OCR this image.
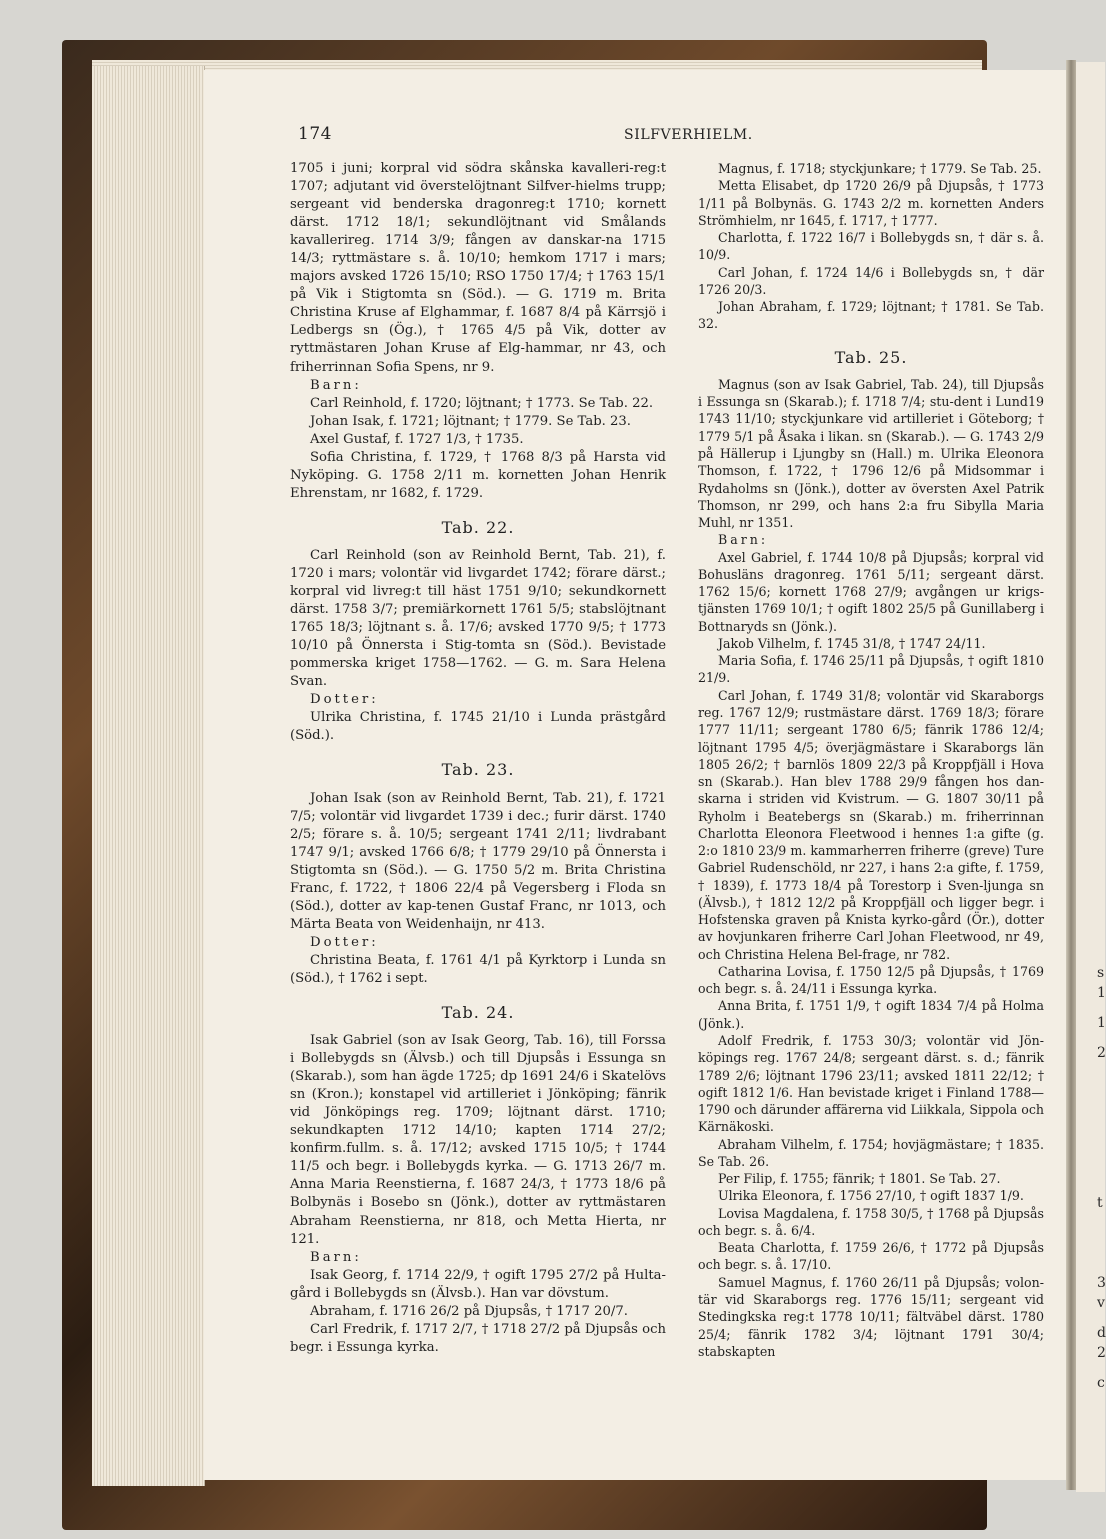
174	SILFVERHIELM.

1705 i juni; korpral vid södra skånska kavalleri-reg:t 1707; adjutant vid överstelöjtnant Silfver-hielms trupp; sergeant vid benderska dragonreg:t 1710; kornett därst. 1712 18/1; sekundlöjtnant vid Smålands kavallerireg. 1714 3/9; fången av danskar-na 1715 14/3; ryttmästare s. å. 10/10; hemkom 1717 i mars; majors avsked 1726 15/10; RSO 1750 17/4; † 1763 15/1 på Vik i Stigtomta sn (Söd.). — G. 1719 m. Brita Christina Kruse af Elghammar, f. 1687 8/4 på Kärrsjö i Ledbergs sn (Ög.), † 1765 4/5 på Vik, dotter av ryttmästaren Johan Kruse af Elg-hammar, nr 43, och friherrinnan Sofia Spens, nr 9.

Barn:

Carl Reinhold, f. 1720; löjtnant; † 1773. Se Tab. 22.

Johan Isak, f. 1721; löjtnant; † 1779. Se Tab. 23.

Axel Gustaf, f. 1727 1/3, † 1735.

Sofia Christina, f. 1729, † 1768 8/3 på Harsta vid Nyköping. G. 1758 2/11 m. kornetten Johan Henrik Ehrenstam, nr 1682, f. 1729.

Tab. 22.

Carl Reinhold (son av Reinhold Bernt, Tab. 21), f. 1720 i mars; volontär vid livgardet 1742; förare därst.; korpral vid livreg:t till häst 1751 9/10; sekundkornett därst. 1758 3/7; premiärkornett 1761 5/5; stabslöjtnant 1765 18/3; löjtnant s. å. 17/6; avsked 1770 9/5; † 1773 10/10 på Önnersta i Stig-tomta sn (Söd.). Bevistade pommerska kriget 1758—1762. — G. m. Sara Helena Svan.

Dotter:

Ulrika Christina, f. 1745 21/10 i Lunda prästgård (Söd.).

Tab. 23.

Johan Isak (son av Reinhold Bernt, Tab. 21), f. 1721 7/5; volontär vid livgardet 1739 i dec.; furir därst. 1740 2/5; förare s. å. 10/5; sergeant 1741 2/11; livdrabant 1747 9/1; avsked 1766 6/8; † 1779 29/10 på Önnersta i Stigtomta sn (Söd.). — G. 1750 5/2 m. Brita Christina Franc, f. 1722, † 1806 22/4 på Vegersberg i Floda sn (Söd.), dotter av kap-tenen Gustaf Franc, nr 1013, och Märta Beata von Weidenhaijn, nr 413.

Dotter:

Christina Beata, f. 1761 4/1 på Kyrktorp i Lunda sn (Söd.), † 1762 i sept.

Tab. 24.

Isak Gabriel (son av Isak Georg, Tab. 16), till Forssa i Bollebygds sn (Älvsb.) och till Djupsås i Essunga sn (Skarab.), som han ägde 1725; dp 1691 24/6 i Skatelövs sn (Kron.); konstapel vid artilleriet i Jönköping; fänrik vid Jönköpings reg. 1709; löjtnant därst. 1710; sekundkapten 1712 14/10; kapten 1714 27/2; konfirm.fullm. s. å. 17/12; avsked 1715 10/5; † 1744 11/5 och begr. i Bollebygds kyrka. — G. 1713 26/7 m. Anna Maria Reenstierna, f. 1687 24/3, † 1773 18/6 på Bolbynäs i Bosebo sn (Jönk.), dotter av ryttmästaren Abraham Reenstierna, nr 818, och Metta Hierta, nr 121.

Barn:

Isak Georg, f. 1714 22/9, † ogift 1795 27/2 på Hulta-gård i Bollebygds sn (Älvsb.). Han var dövstum.

Abraham, f. 1716 26/2 på Djupsås, † 1717 20/7.

Carl Fredrik, f. 1717 2/7, † 1718 27/2 på Djupsås och begr. i Essunga kyrka.

Magnus, f. 1718; styckjunkare; † 1779. Se Tab. 25.

Metta Elisabet, dp 1720 26/9 på Djupsås, † 1773 1/11 på Bolbynäs. G. 1743 2/2 m. kornetten Anders Strömhielm, nr 1645, f. 1717, † 1777.

Charlotta, f. 1722 16/7 i Bollebygds sn, † där s. å. 10/9.

Carl Johan, f. 1724 14/6 i Bollebygds sn, † där 1726 20/3.

Johan Abraham, f. 1729; löjtnant; † 1781. Se Tab. 32.

Tab. 25.

Magnus (son av Isak Gabriel, Tab. 24), till Djupsås i Essunga sn (Skarab.); f. 1718 7/4; stu-dent i Lund19 1743 11/10; styckjunkare vid artilleriet i Göteborg; † 1779 5/1 på Åsaka i likan. sn (Skarab.). — G. 1743 2/9 på Hällerup i Ljungby sn (Hall.) m. Ulrika Eleonora Thomson, f. 1722, † 1796 12/6 på Midsommar i Rydaholms sn (Jönk.), dotter av översten Axel Patrik Thomson, nr 299, och hans 2:a fru Sibylla Maria Muhl, nr 1351.

Barn:

Axel Gabriel, f. 1744 10/8 på Djupsås; korpral vid Bohusläns dragonreg. 1761 5/11; sergeant därst. 1762 15/6; kornett 1768 27/9; avgången ur krigs-tjänsten 1769 10/1; † ogift 1802 25/5 på Gunillaberg i Bottnaryds sn (Jönk.).

Jakob Vilhelm, f. 1745 31/8, † 1747 24/11.

Maria Sofia, f. 1746 25/11 på Djupsås, † ogift 1810 21/9.

Carl Johan, f. 1749 31/8; volontär vid Skaraborgs reg. 1767 12/9; rustmästare därst. 1769 18/3; förare 1777 11/11; sergeant 1780 6/5; fänrik 1786 12/4; löjtnant 1795 4/5; överjägmästare i Skaraborgs län 1805 26/2; † barnlös 1809 22/3 på Kroppfjäll i Hova sn (Skarab.). Han blev 1788 29/9 fången hos dan-skarna i striden vid Kvistrum. — G. 1807 30/11 på Ryholm i Beatebergs sn (Skarab.) m. friherrinnan Charlotta Eleonora Fleetwood i hennes 1:a gifte (g. 2:o 1810 23/9 m. kammarherren friherre (greve) Ture Gabriel Rudenschöld, nr 227, i hans 2:a gifte, f. 1759, † 1839), f. 1773 18/4 på Torestorp i Sven-ljunga sn (Älvsb.), † 1812 12/2 på Kroppfjäll och ligger begr. i Hofstenska graven på Knista kyrko-gård (Ör.), dotter av hovjunkaren friherre Carl Johan Fleetwood, nr 49, och Christina Helena Bel-frage, nr 782.

Catharina Lovisa, f. 1750 12/5 på Djupsås, † 1769 och begr. s. å. 24/11 i Essunga kyrka.

Anna Brita, f. 1751 1/9, † ogift 1834 7/4 på Holma (Jönk.).

Adolf Fredrik, f. 1753 30/3; volontär vid Jön-köpings reg. 1767 24/8; sergeant därst. s. d.; fänrik 1789 2/6; löjtnant 1796 23/11; avsked 1811 22/12; † ogift 1812 1/6. Han bevistade kriget i Finland 1788—1790 och därunder affärerna vid Liikkala, Sippola och Kärnäkoski.

Abraham Vilhelm, f. 1754; hovjägmästare; † 1835. Se Tab. 26.

Per Filip, f. 1755; fänrik; † 1801. Se Tab. 27.

Ulrika Eleonora, f. 1756 27/10, † ogift 1837 1/9.

Lovisa Magdalena, f. 1758 30/5, † 1768 på Djupsås och begr. s. å. 6/4.

Beata Charlotta, f. 1759 26/6, † 1772 på Djupsås och begr. s. å. 17/10.

Samuel Magnus, f. 1760 26/11 på Djupsås; volon-tär vid Skaraborgs reg. 1776 15/11; sergeant vid Stedingkska reg:t 1778 10/11; fältväbel därst. 1780 25/4; fänrik 1782 3/4; löjtnant 1791 30/4; stabskapten

s
1
1
2
t
3
v
d
2
c
